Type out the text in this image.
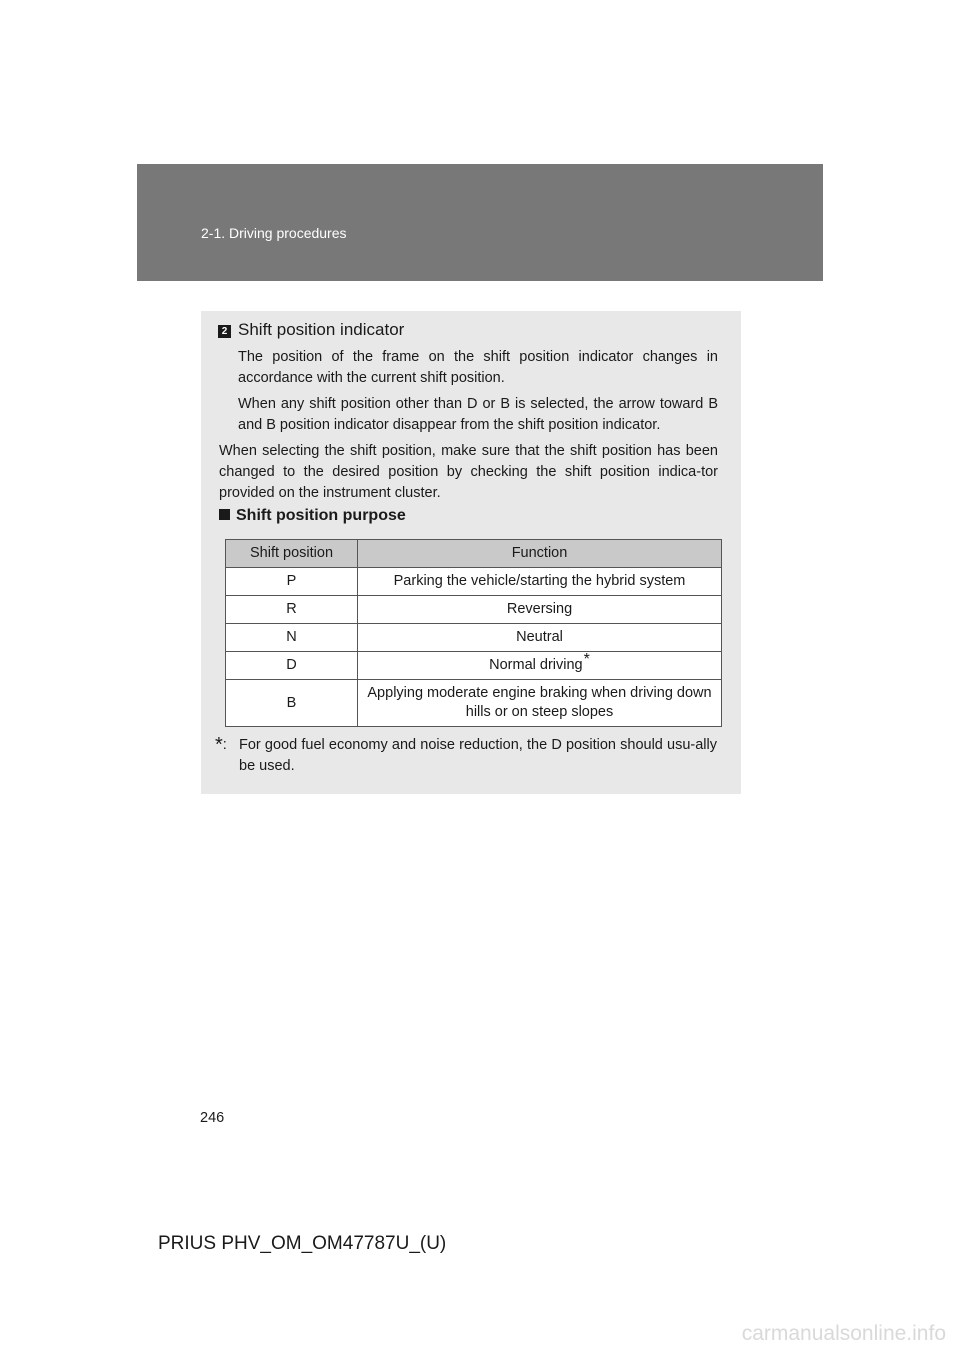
2-1. Driving procedures
2 Shift position indicator
The position of the frame on the shift position indicator changes in accordance with the current shift position.
When any shift position other than D or B is selected, the arrow toward B and B position indicator disappear from the shift position indicator.
When selecting the shift position, make sure that the shift position has been changed to the desired position by checking the shift position indica-tor provided on the instrument cluster.
Shift position purpose
Shift position	Function
P	Parking the vehicle/starting the hybrid system
R	Reversing
N	Neutral
D	Normal driving*
B	Applying moderate engine braking when driving down hills or on steep slopes
*: For good fuel economy and noise reduction, the D position should usu-ally be used.
246
PRIUS PHV_OM_OM47787U_(U)
carmanualsonline.info
